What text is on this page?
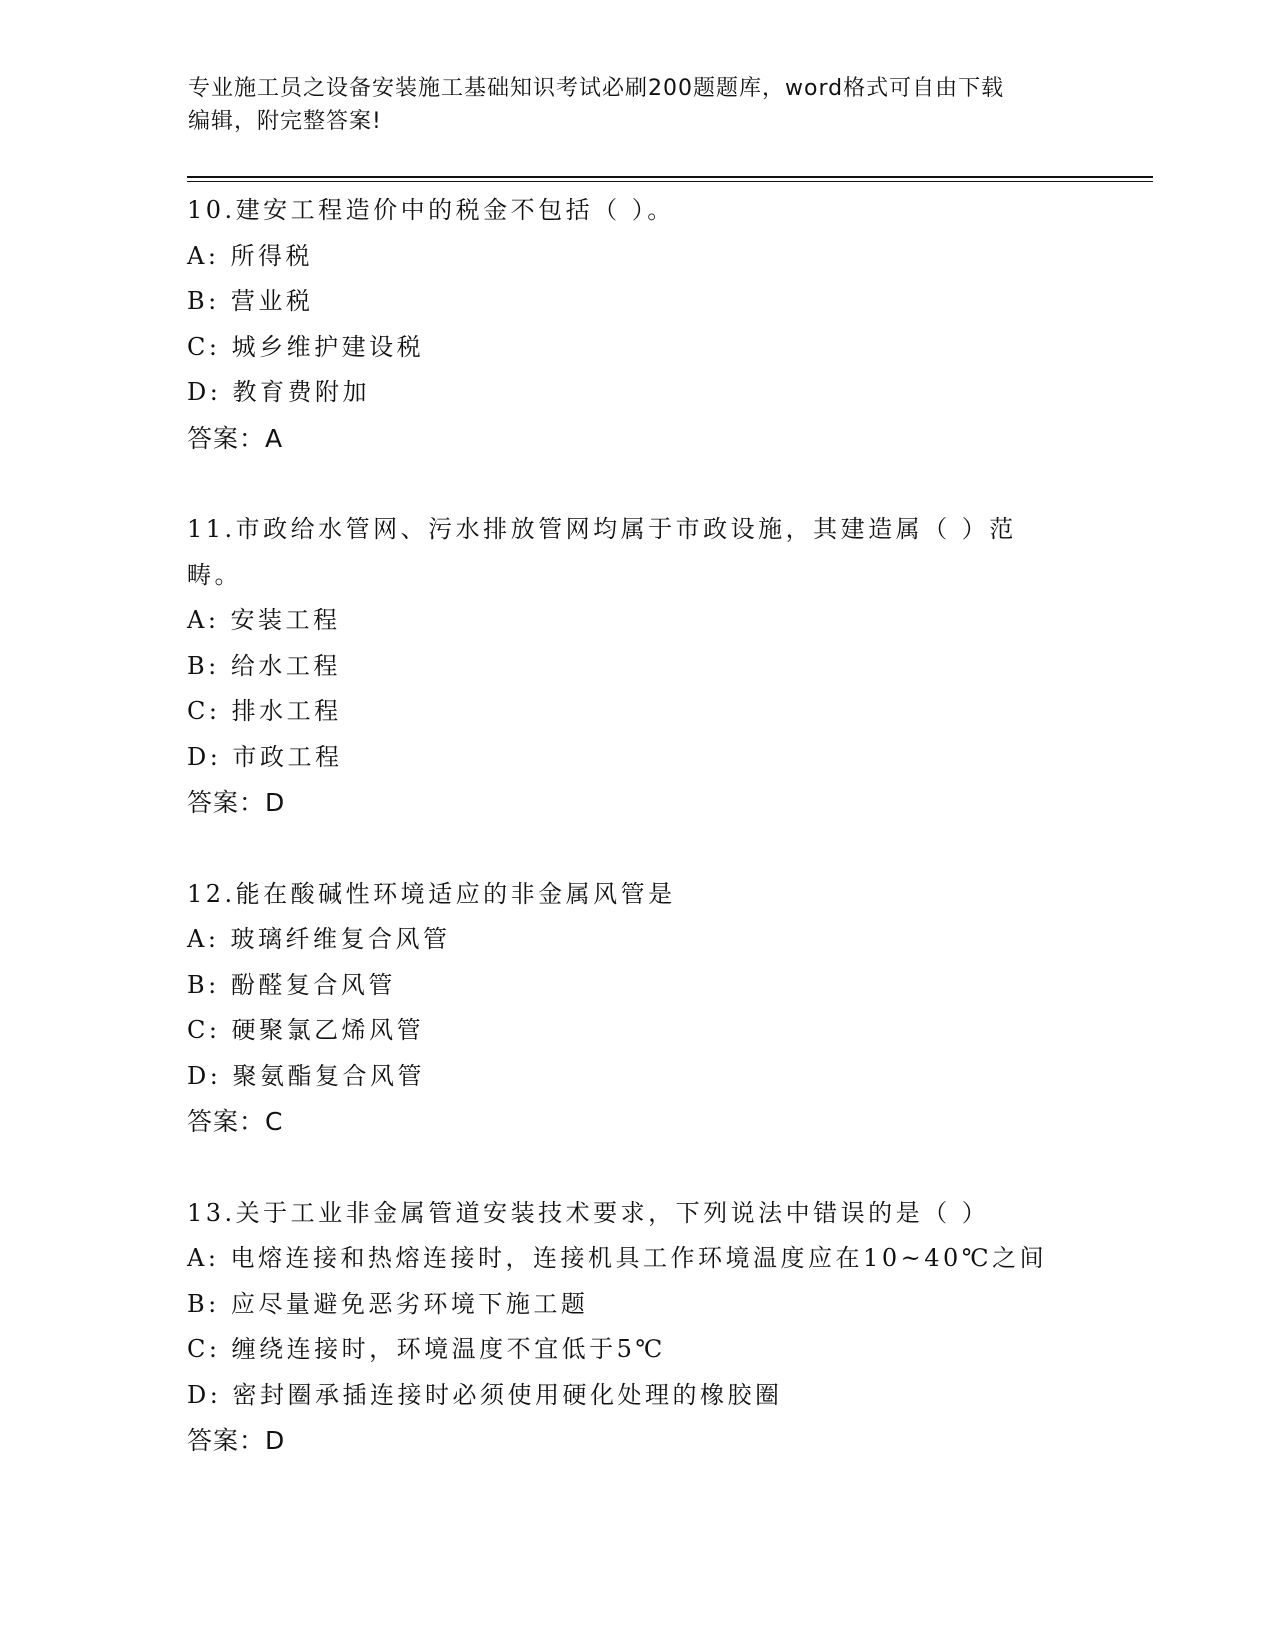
专业施工员之设备安装施工基础知识考试必刷200题题库，word格式可自由下载
编辑，附完整答案!
10.建安工程造价中的税金不包括（ ）。
A: 所得税
B: 营业税
C: 城乡维护建设税
D: 教育费附加
答案：A
11.市政给水管网、污水排放管网均属于市政设施，其建造属（ ）范
畴。
A: 安装工程
B: 给水工程
C: 排水工程
D: 市政工程
答案：D
12.能在酸碱性环境适应的非金属风管是
A: 玻璃纤维复合风管
B: 酚醛复合风管
C: 硬聚氯乙烯风管
D: 聚氨酯复合风管
答案：C
13.关于工业非金属管道安装技术要求，下列说法中错误的是（ ）
A: 电熔连接和热熔连接时，连接机具工作环境温度应在10~40℃之间
B: 应尽量避免恶劣环境下施工题
C: 缠绕连接时，环境温度不宜低于5℃
D: 密封圈承插连接时必须使用硬化处理的橡胶圈
答案：D
